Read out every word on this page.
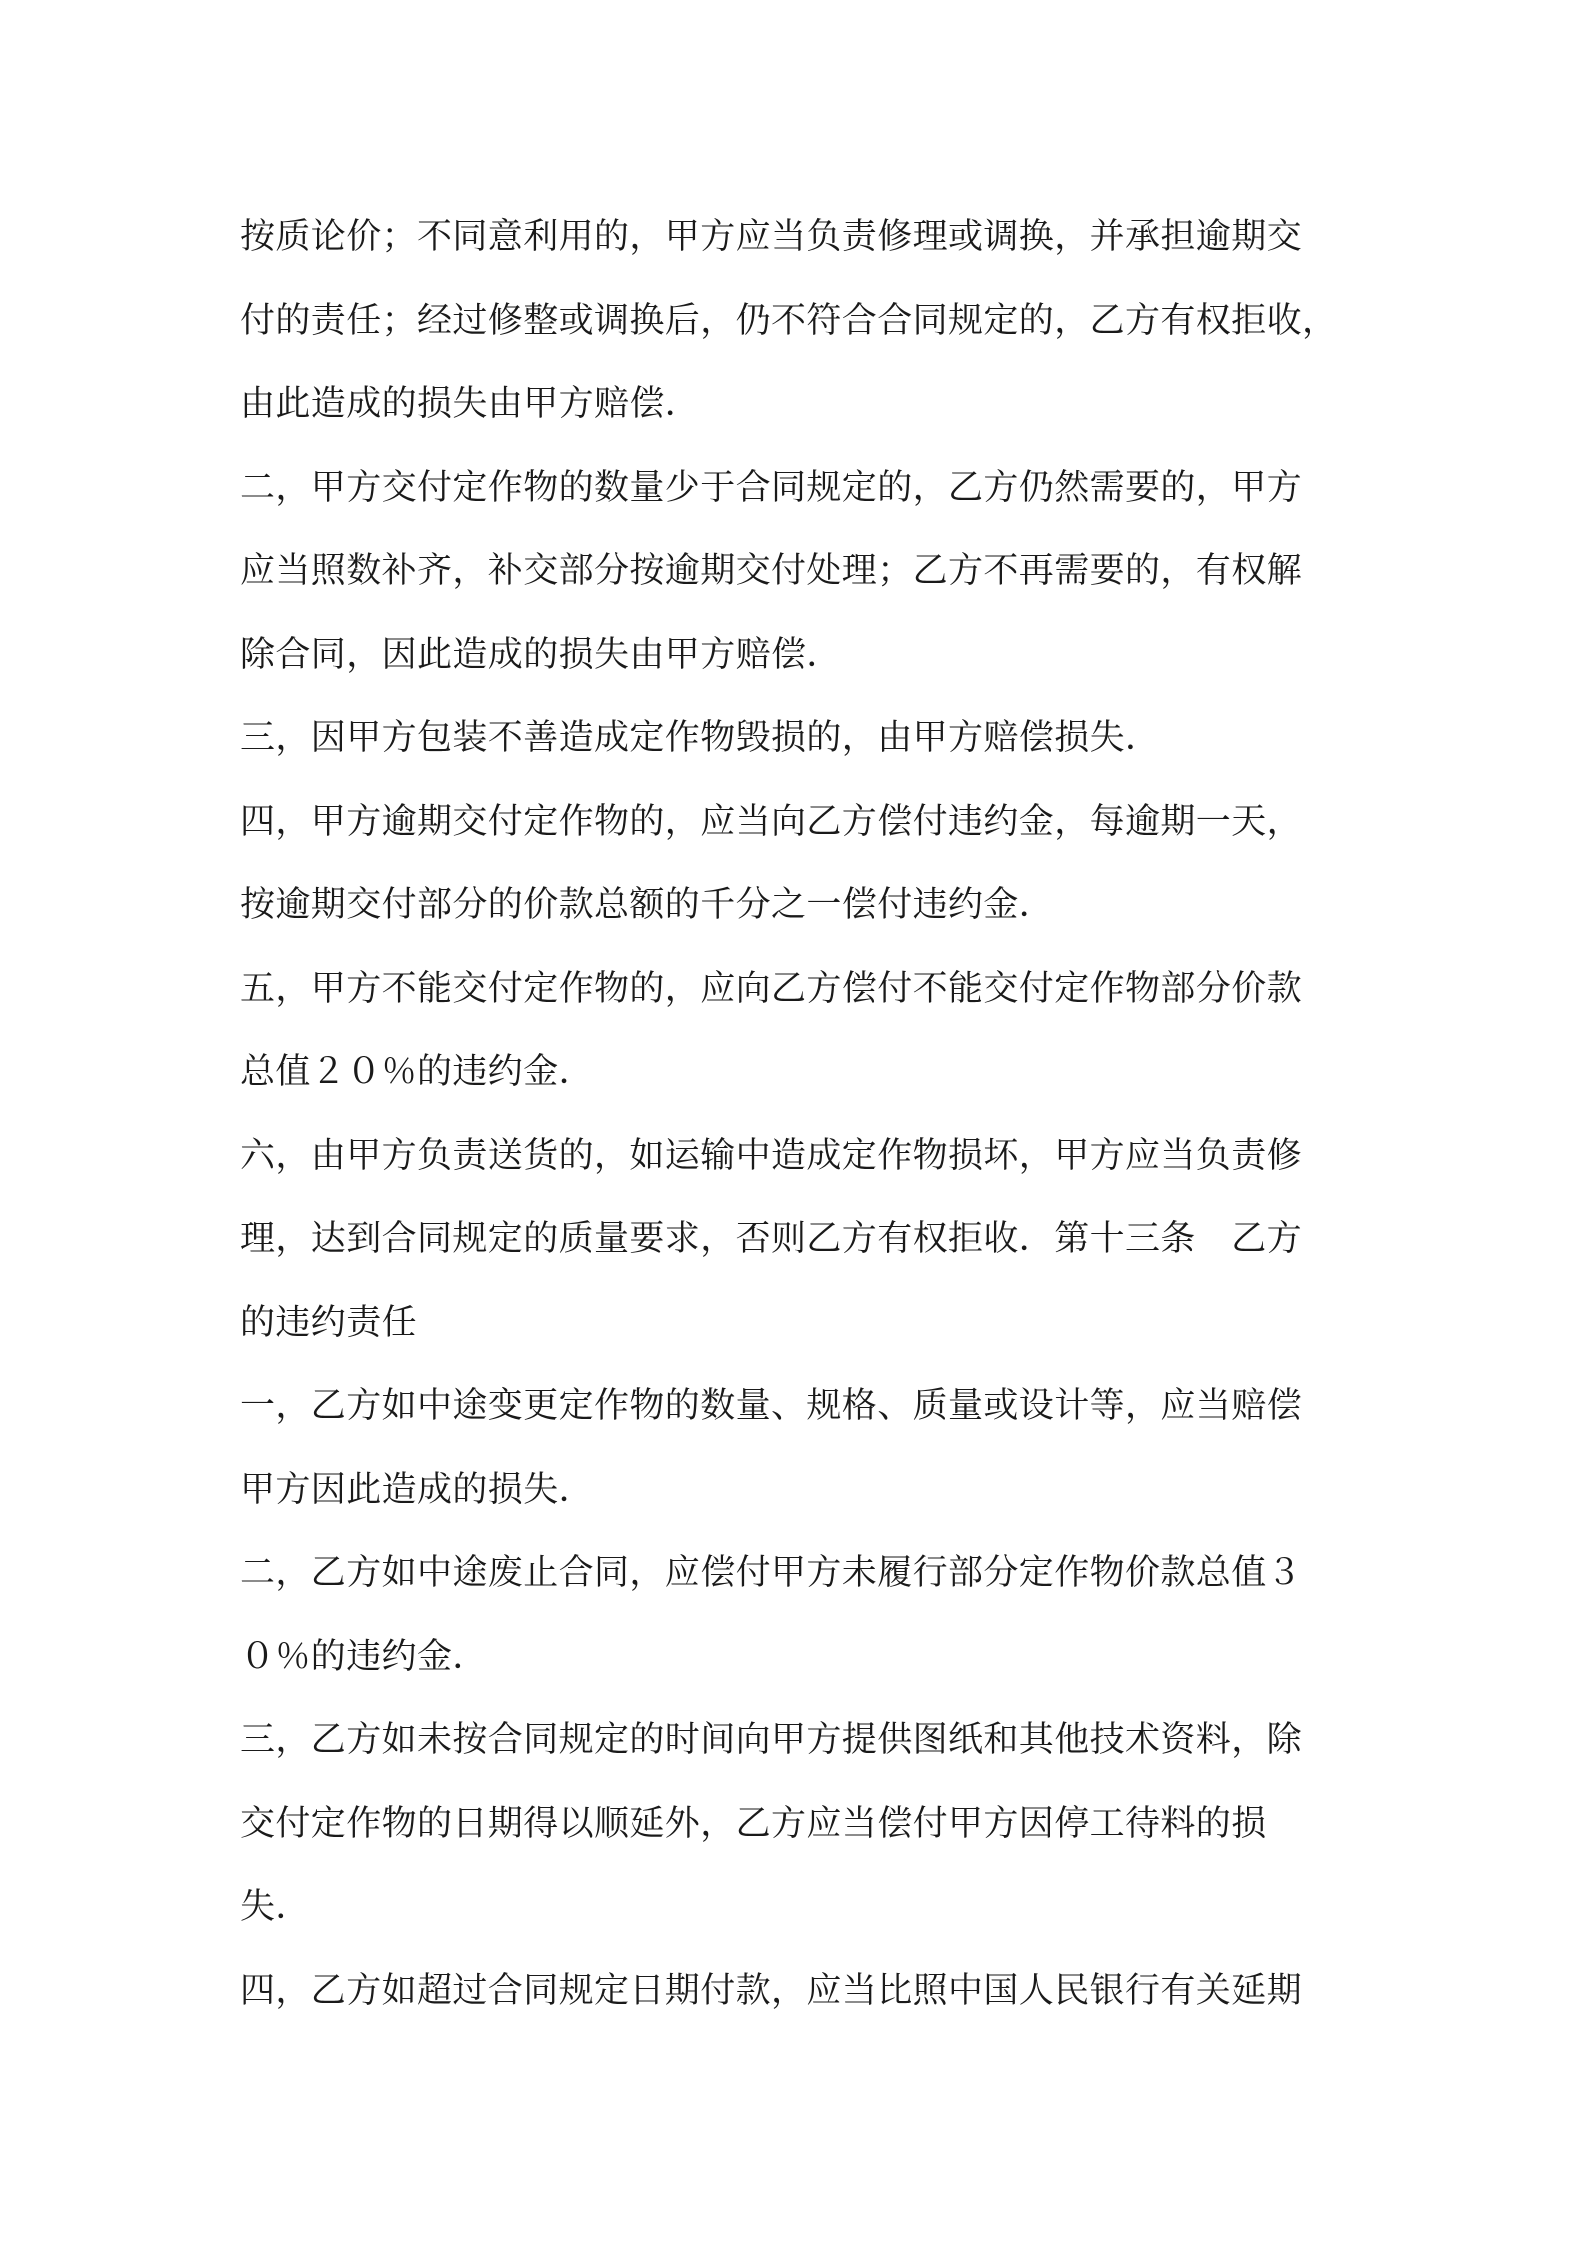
按质论价；不同意利用的，甲方应当负责修理或调换，并承担逾期交
付的责任；经过修整或调换后，仍不符合合同规定的，乙方有权拒收，
由此造成的损失由甲方赔偿．

二，甲方交付定作物的数量少于合同规定的，乙方仍然需要的，甲方
应当照数补齐，补交部分按逾期交付处理；乙方不再需要的，有权解
除合同，因此造成的损失由甲方赔偿．

三，因甲方包装不善造成定作物毁损的，由甲方赔偿损失．

四，甲方逾期交付定作物的，应当向乙方偿付违约金，每逾期一天，
按逾期交付部分的价款总额的千分之一偿付违约金．

五，甲方不能交付定作物的，应向乙方偿付不能交付定作物部分价款
总值２０％的违约金．

六，由甲方负责送货的，如运输中造成定作物损坏，甲方应当负责修
理，达到合同规定的质量要求，否则乙方有权拒收．第十三条　乙方
的违约责任

一，乙方如中途变更定作物的数量、规格、质量或设计等，应当赔偿
甲方因此造成的损失．

二，乙方如中途废止合同，应偿付甲方未履行部分定作物价款总值３
０％的违约金．

三，乙方如未按合同规定的时间向甲方提供图纸和其他技术资料，除
交付定作物的日期得以顺延外，乙方应当偿付甲方因停工待料的损
失．

四，乙方如超过合同规定日期付款，应当比照中国人民银行有关延期
